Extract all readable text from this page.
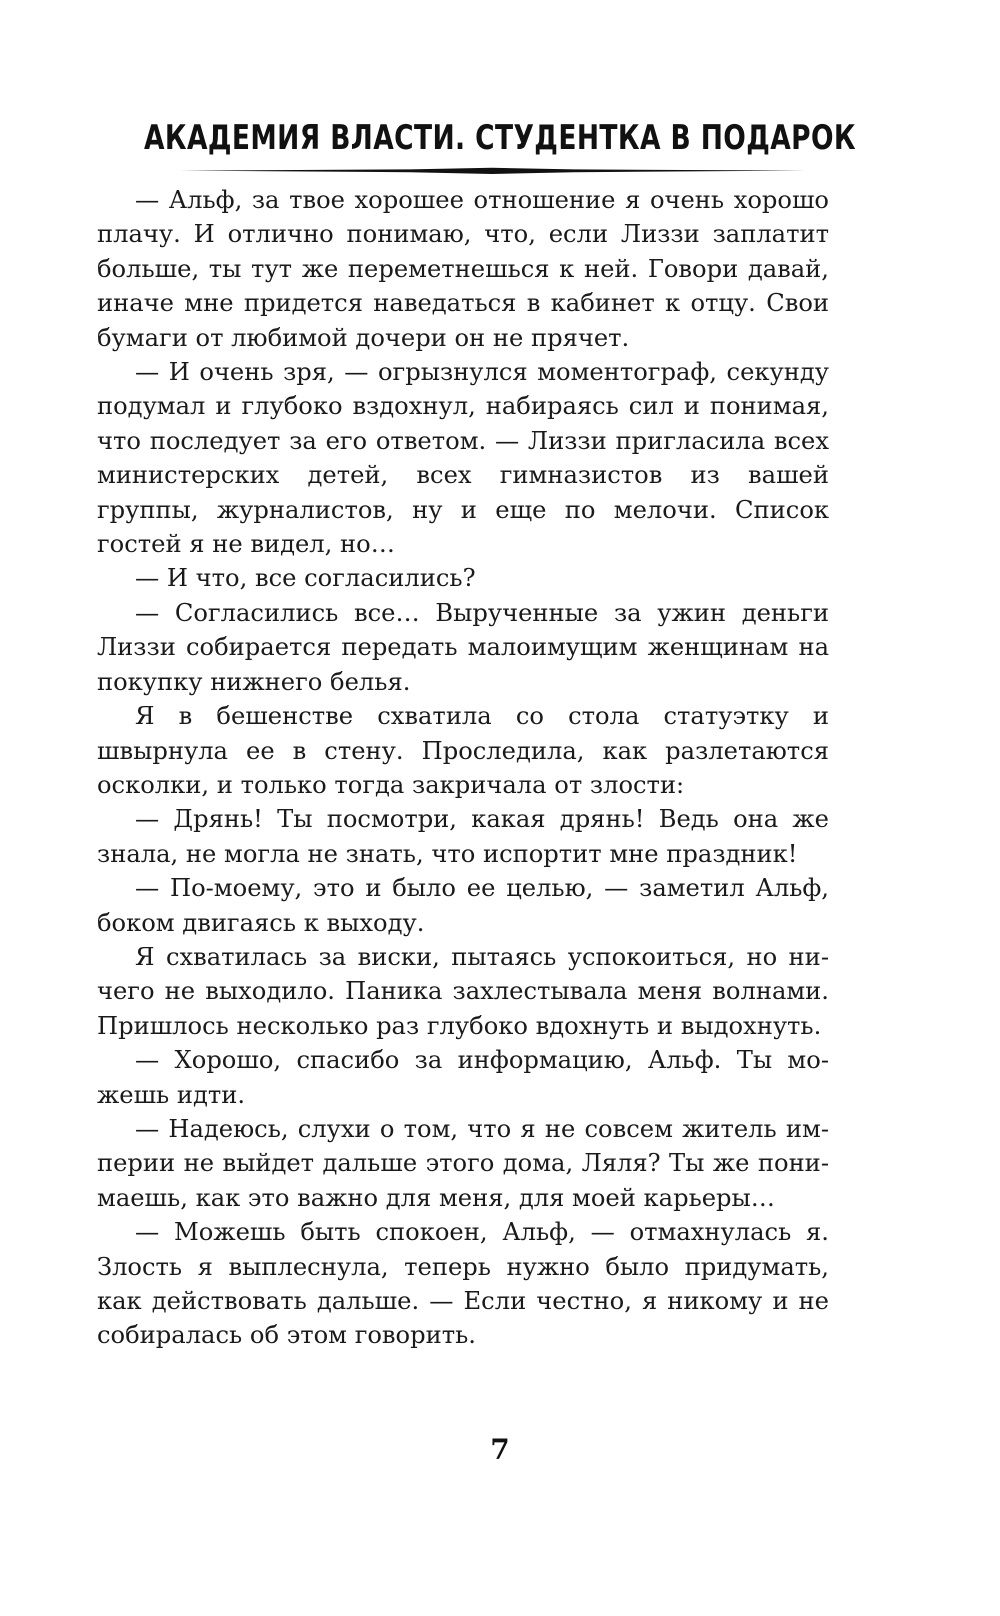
АКАДЕМИЯ ВЛАСТИ. СТУДЕНТКА В ПОДАРОК

— Альф, за твое хорошее отношение я очень хорошо плачу. И отлично понимаю, что, если Лиззи заплатит больше, ты тут же переметнешься к ней. Говори давай, иначе мне придется наведаться в кабинет к отцу. Свои бумаги от любимой дочери он не прячет.

— И очень зря, — огрызнулся моментограф, секунду подумал и глубоко вздохнул, набираясь сил и понимая, что последует за его ответом. — Лиззи пригласила всех министерских детей, всех гимназистов из вашей группы, журналистов, ну и еще по мелочи. Список гостей я не видел, но…

— И что, все согласились?

— Согласились все… Вырученные за ужин деньги Лиззи собирается передать малоимущим женщинам на покупку нижнего белья.

Я в бешенстве схватила со стола статуэтку и швырнула ее в стену. Проследила, как разлетаются осколки, и только тогда закричала от злости:

— Дрянь! Ты посмотри, какая дрянь! Ведь она же знала, не могла не знать, что испортит мне праздник!

— По-моему, это и было ее целью, — заметил Альф, боком двигаясь к выходу.

Я схватилась за виски, пытаясь успокоиться, но ничего не выходило. Паника захлестывала меня волнами. Пришлось несколько раз глубоко вдохнуть и выдохнуть.

— Хорошо, спасибо за информацию, Альф. Ты можешь идти.

— Надеюсь, слухи о том, что я не совсем житель империи не выйдет дальше этого дома, Ляля? Ты же понимаешь, как это важно для меня, для моей карьеры…

— Можешь быть спокоен, Альф, — отмахнулась я. Злость я выплеснула, теперь нужно было придумать, как действовать дальше. — Если честно, я никому и не собиралась об этом говорить.

7
